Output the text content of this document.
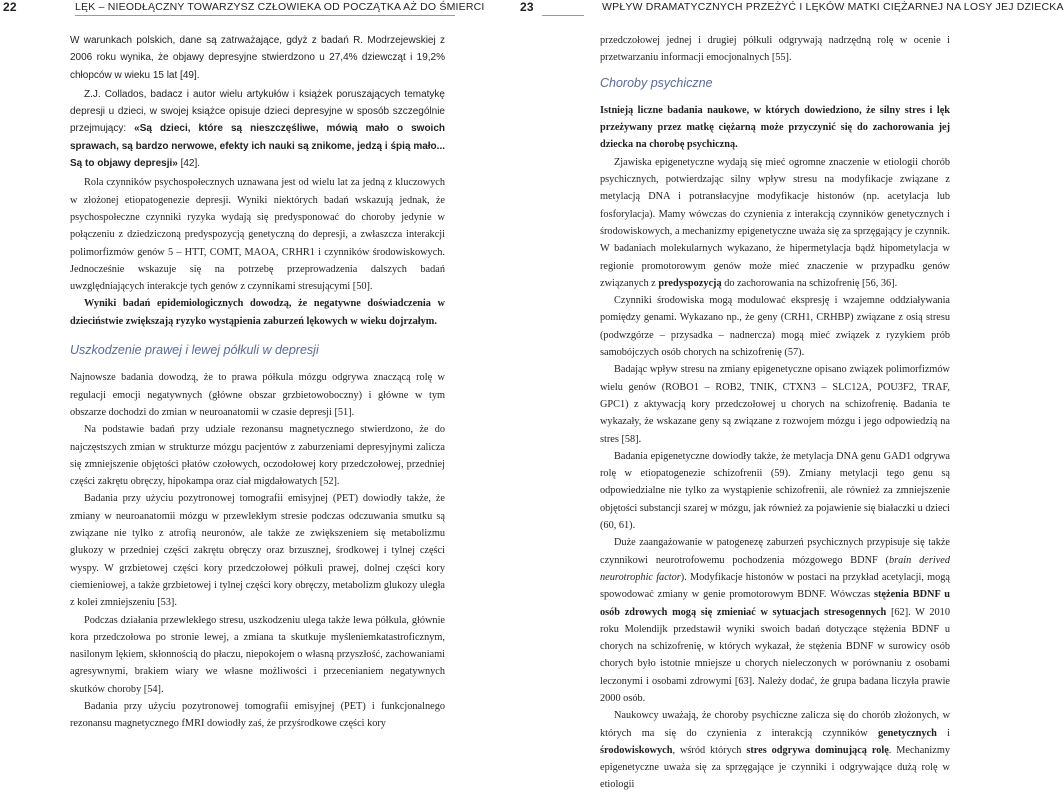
22	LĘK – NIEODŁĄCZNY TOWARZYSZ CZŁOWIEKA OD POCZĄTKA AŻ DO ŚMIERCI

W warunkach polskich, dane są zatrważające, gdyż z badań R. Modrzejewskiej z 2006 roku wynika, że objawy depresyjne stwierdzono u 27,4% dziewcząt i 19,2% chłopców w wieku 15 lat [49].

Z.J. Collados, badacz i autor wielu artykułów i książek poruszających tematykę depresji u dzieci, w swojej książce opisuje dzieci depresyjne w sposób szczególnie przejmujący: «Są dzieci, które są nieszczęśliwe, mówią mało o swoich sprawach, są bardzo nerwowe, efekty ich nauki są znikome, jedzą i śpią mało... Są to objawy depresji» [42].

Rola czynników psychospołecznych uznawana jest od wielu lat za jedną z kluczowych w złożonej etiopatogenezie depresji. Wyniki niektórych badań wskazują jednak, że psychospołeczne czynniki ryzyka wydają się predysponować do choroby jedynie w połączeniu z dziedziczoną predyspozycją genetyczną do depresji, a zwłaszcza interakcji polimorfizmów genów 5 – HTT, COMT, MAOA, CRHR1 i czynników środowiskowych. Jednocześnie wskazuje się na potrzebę przeprowadzenia dalszych badań uwzględniających interakcje tych genów z czynnikami stresującymi [50].

Wyniki badań epidemiologicznych dowodzą, że negatywne doświadczenia w dzieciństwie zwiększają ryzyko wystąpienia zaburzeń lękowych w wieku dojrzałym.

Uszkodzenie prawej i lewej półkuli w depresji

Najnowsze badania dowodzą, że to prawa półkula mózgu odgrywa znaczącą rolę w regulacji emocji negatywnych (główne obszar grzbietowoboczny) i główne w tym obszarze dochodzi do zmian w neuroanatomii w czasie depresji [51].

Na podstawie badań przy udziale rezonansu magnetycznego stwierdzono, że do najczęstszych zmian w strukturze mózgu pacjentów z zaburzeniami depresyjnymi zalicza się zmniejszenie objętości płatów czołowych, oczodołowej kory przedczołowej, przedniej części zakrętu obręczy, hipokampa oraz ciał migdałowatych [52].

Badania przy użyciu pozytronowej tomografii emisyjnej (PET) dowiodły także, że zmiany w neuroanatomii mózgu w przewlekłym stresie podczas odczuwania smutku są związane nie tylko z atrofią neuronów, ale także ze zwiększeniem się metabolizmu glukozy w przedniej części zakrętu obręczy oraz brzusznej, środkowej i tylnej części wyspy. W grzbietowej części kory przedczołowej półkuli prawej, dolnej części kory ciemieniowej, a także grzbietowej i tylnej części kory obręczy, metabolizm glukozy uległa z kolei zmniejszeniu [53].

Podczas działania przewlekłego stresu, uszkodzeniu ulega także lewa półkula, głównie kora przedczołowa po stronie lewej, a zmiana ta skutkuje myśleniemkatastroficznym, nasilonym lękiem, skłonnością do płaczu, niepokojem o własną przyszłość, zachowaniami agresywnymi, brakiem wiary we własne możliwości i przecenianiem negatywnych skutków choroby [54].

Badania przy użyciu pozytronowej tomografii emisyjnej (PET) i funkcjonalnego rezonansu magnetycznego fMRI dowiodły zaś, że przyśrodkowe części kory

23	WPŁYW DRAMATYCZNYCH PRZEŻYĆ I LĘKÓW MATKI CIĘŻARNEJ NA LOSY JEJ DZIECKA

przedczołowej jednej i drugiej półkuli odgrywają nadrzędną rolę w ocenie i przetwarzaniu informacji emocjonalnych [55].

Choroby psychiczne

Istnieją liczne badania naukowe, w których dowiedziono, że silny stres i lęk przeżywany przez matkę ciężarną może przyczynić się do zachorowania jej dziecka na chorobę psychiczną.

Zjawiska epigenetyczne wydają się mieć ogromne znaczenie w etiologii chorób psychicznych, potwierdzając silny wpływ stresu na modyfikacje związane z metylacją DNA i potransłacyjne modyfikacje histonów (np. acetylacja lub fosforylacja). Mamy wówczas do czynienia z interakcją czynników genetycznych i środowiskowych, a mechanizmy epigenetyczne uważa się za sprzęgający je czynnik. W badaniach molekularnych wykazano, że hipermetylacja bądź hipometylacja w regionie promotorowym genów może mieć znaczenie w przypadku genów związanych z predyspozycją do zachorowania na schizofrenię [56, 36].

Czynniki środowiska mogą modulować ekspresję i wzajemne oddziaływania pomiędzy genami. Wykazano np., że geny (CRH1, CRHBP) związane z osią stresu (podwzgórze – przysadka – nadnercza) mogą mieć związek z ryzykiem prób samobójczych osób chorych na schizofrenię (57).

Badając wpływ stresu na zmiany epigenetyczne opisano związek polimorfizmów wielu genów (ROBO1 – ROB2, TNIK, CTXN3 – SLC12A, POU3F2, TRAF, GPC1) z aktywacją kory przedczołowej u chorych na schizofrenię. Badania te wykazały, że wskazane geny są związane z rozwojem mózgu i jego odpowiedzią na stres [58].

Badania epigenetyczne dowiodły także, że metylacja DNA genu GAD1 odgrywa rolę w etiopatogenezie schizofrenii (59). Zmiany metylacji tego genu są odpowiedzialne nie tylko za wystąpienie schizofrenii, ale również za zmniejszenie objętości substancji szarej w mózgu, jak również za pojawienie się białaczki u dzieci (60, 61).

Duże zaangażowanie w patogenezę zaburzeń psychicznych przypisuje się także czynnikowi neurotrofowemu pochodzenia mózgowego BDNF (brain derived neurotrophic factor). Modyfikacje histonów w postaci na przykład acetylacji, mogą spowodować zmiany w genie promotorowym BDNF. Wówczas stężenia BDNF u osób zdrowych mogą się zmieniać w sytuacjach stresogennych [62]. W 2010 roku Molendijk przedstawił wyniki swoich badań dotyczące stężenia BDNF u chorych na schizofrenię, w których wykazał, że stężenia BDNF w surowicy osób chorych było istotnie mniejsze u chorych nieleczonych w porównaniu z osobami leczonymi i osobami zdrowymi [63]. Należy dodać, że grupa badana liczyła prawie 2000 osób.

Naukowcy uważają, że choroby psychiczne zalicza się do chorób złożonych, w których ma się do czynienia z interakcją czynników genetycznych i środowiskowych, wśród których stres odgrywa dominującą rolę. Mechanizmy epigenetyczne uważa się za sprzęgające je czynniki i odgrywające dużą rolę w etiologii
